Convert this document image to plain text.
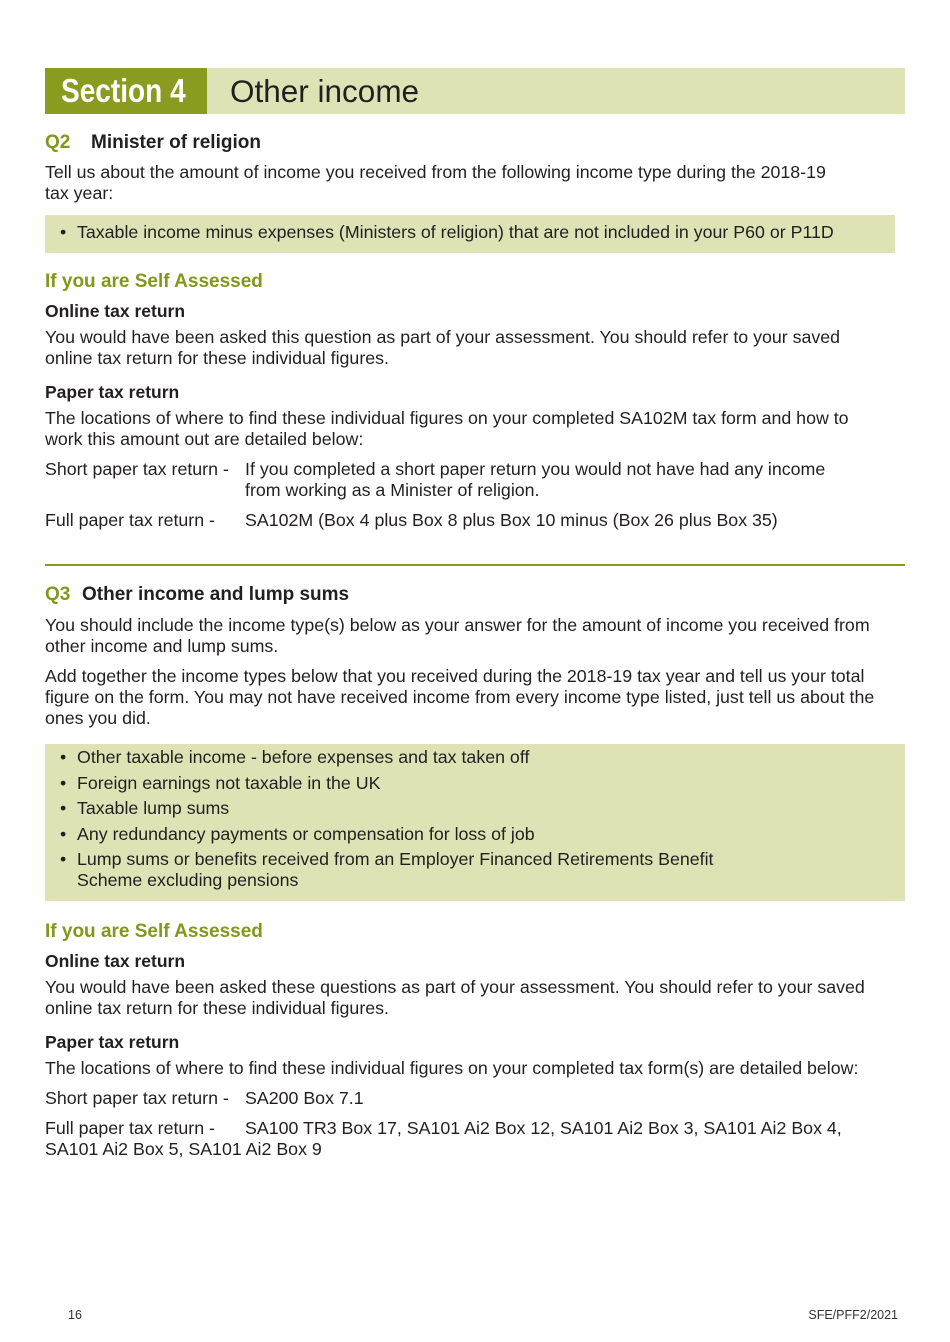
Section 4	Other income
Q2 Minister of religion
Tell us about the amount of income you received from the following income type during the 2018-19
tax year:
• Taxable income minus expenses (Ministers of religion) that are not included in your P60 or P11D
If you are Self Assessed
Online tax return
You would have been asked this question as part of your assessment. You should refer to your saved
online tax return for these individual figures.
Paper tax return
The locations of where to find these individual figures on your completed SA102M tax form and how to
work this amount out are detailed below:
Short paper tax return - If you completed a short paper return you would not have had any income
from working as a Minister of religion.
Full paper tax return -	SA102M (Box 4 plus Box 8 plus Box 10 minus (Box 26 plus Box 35)
Q3 Other income and lump sums
You should include the income type(s) below as your answer for the amount of income you received from
other income and lump sums.
Add together the income types below that you received during the 2018-19 tax year and tell us your total
figure on the form. You may not have received income from every income type listed, just tell us about the
ones you did.
• Other taxable income - before expenses and tax taken off
• Foreign earnings not taxable in the UK
• Taxable lump sums
• Any redundancy payments or compensation for loss of job
• Lump sums or benefits received from an Employer Financed Retirements Benefit
Scheme excluding pensions
If you are Self Assessed
Online tax return
You would have been asked these questions as part of your assessment. You should refer to your saved
online tax return for these individual figures.
Paper tax return
The locations of where to find these individual figures on your completed tax form(s) are detailed below:
Short paper tax return - SA200 Box 7.1
Full paper tax return - SA100 TR3 Box 17, SA101 Ai2 Box 12, SA101 Ai2 Box 3, SA101 Ai2 Box 4,
SA101 Ai2 Box 5, SA101 Ai2 Box 9
16	SFE/PFF2/2021
